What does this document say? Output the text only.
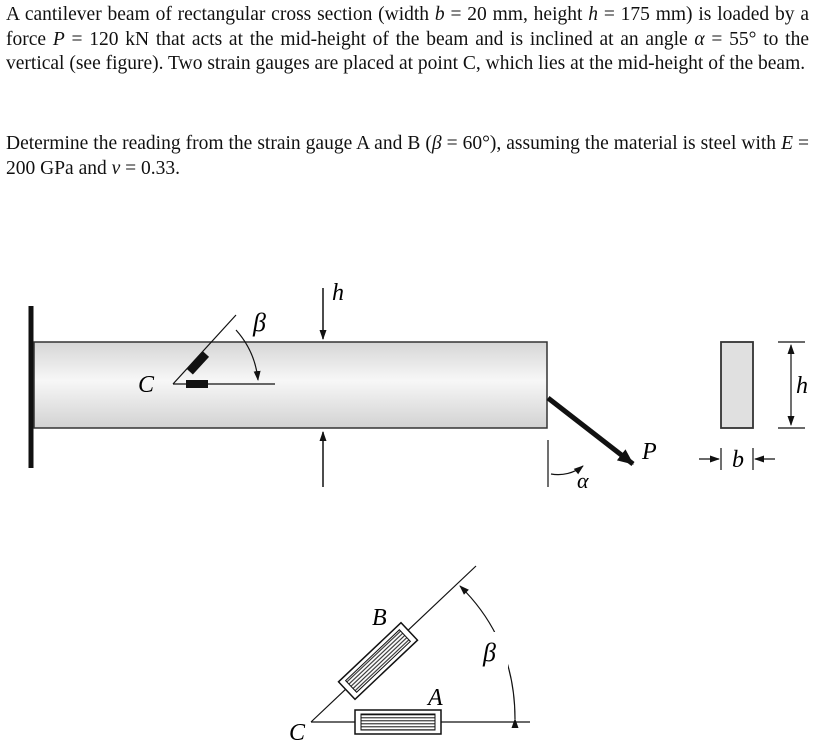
A cantilever beam of rectangular cross section (width b = 20 mm, height h = 175 mm) is loaded by a force P = 120 kN that acts at the mid-height of the beam and is inclined at an angle α = 55° to the vertical (see figure). Two strain gauges are placed at point C, which lies at the mid-height of the beam.
Determine the reading from the strain gauge A and B (β = 60°), assuming the material is steel with E = 200 GPa and ν = 0.33.
h
β
C
α
P
h
b
β
B
A
C
